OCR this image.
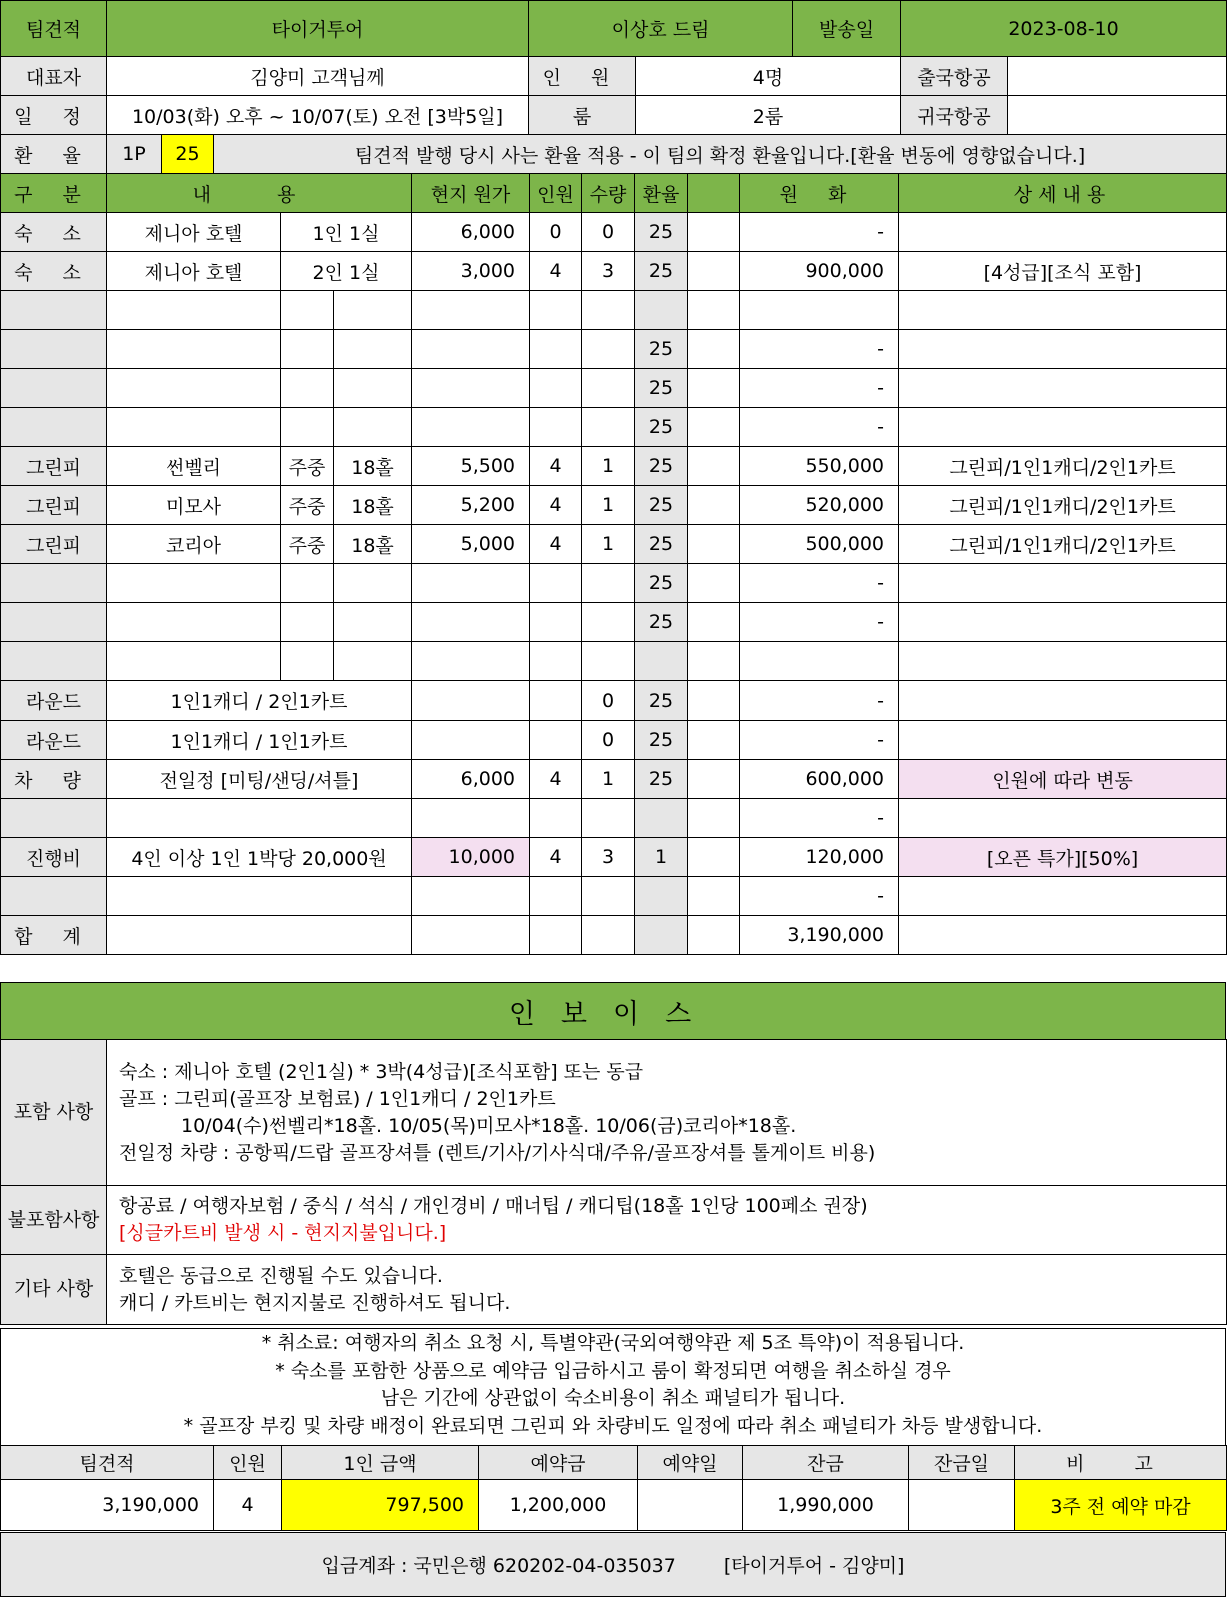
팀견적	타이거투어			이상호 드림		발송일	2023-08-10	
대표자	김양미 고객님께			인 원	4명		출국항공	
일 정	10/03(화) 오후 ~ 10/07(토) 오전 [3박5일]			룸	2룸		귀국항공	
환 율	1P	25	팀견적 발행 당시 사는 환율 적용 - 이 팀의 확정 환율입니다.[환율 변동에 영향없습니다.]					
구 분	내 용			현지 원가	인원	수량	환율		원 화	상세내용
숙 소	제니아 호텔	1인 1실		6,000	0	0	25		-	
숙 소	제니아 호텔	2인 1실		3,000	4	3	25		900,000	[4성급][조식 포함]

							25		-	
							25		-	
							25		-	
그린피	썬벨리	주중	18홀	5,500	4	1	25		550,000	그린피/1인1캐디/2인1카트
그린피	미모사	주중	18홀	5,200	4	1	25		520,000	그린피/1인1캐디/2인1카트
그린피	코리아	주중	18홀	5,000	4	1	25		500,000	그린피/1인1캐디/2인1카트
							25		-	
							25		-	

라운드	1인1캐디 / 2인1카트					0	25		-	
라운드	1인1캐디 / 1인1카트					0	25		-	
차 량	전일정 [미팅/샌딩/셔틀]			6,000	4	1	25		600,000	인원에 따라 변동
									-	
진행비	4인 이상 1인 1박당 20,000원			10,000	4	3	1		120,000	[오픈 특가][50%]
									-	
합 계									3,190,000	
인보이스
포함 사항	숙소 : 제니아 호텔 (2인1실) * 3박(4성급)[조식포함] 또는 동급
골프 : 그린피(골프장 보험료) / 1인1캐디 / 2인1카트
10/04(수)썬벨리*18홀. 10/05(목)미모사*18홀. 10/06(금)코리아*18홀.
전일정 차량 : 공항픽/드랍 골프장셔틀 (렌트/기사/기사식대/주유/골프장셔틀 톨게이트 비용)

불포함사항	항공료 / 여행자보험 / 중식 / 석식 / 개인경비 / 매너팁 / 캐디팁(18홀 1인당 100페소 권장)
[싱글카트비 발생 시 - 현지지불입니다.]

기타 사항	호텔은 동급으로 진행될 수도 있습니다.
캐디 / 카트비는 현지지불로 진행하셔도 됩니다.
* 취소료: 여행자의 취소 요청 시, 특별약관(국외여행약관 제 5조 특약)이 적용됩니다.
* 숙소를 포함한 상품으로 예약금 입금하시고 룸이 확정되면 여행을 취소하실 경우
남은 기간에 상관없이 숙소비용이 취소 패널티가 됩니다.
* 골프장 부킹 및 차량 배정이 완료되면 그린피 와 차량비도 일정에 따라 취소 패널티가 차등 발생합니다.
팀견적	인원	1인 금액	예약금	예약일	잔금	잔금일	비 고
3,190,000	4	797,500	1,200,000		1,990,000		3주 전 예약 마감
입금계좌 : 국민은행 620202-04-035037	[타이거투어 - 김양미]
